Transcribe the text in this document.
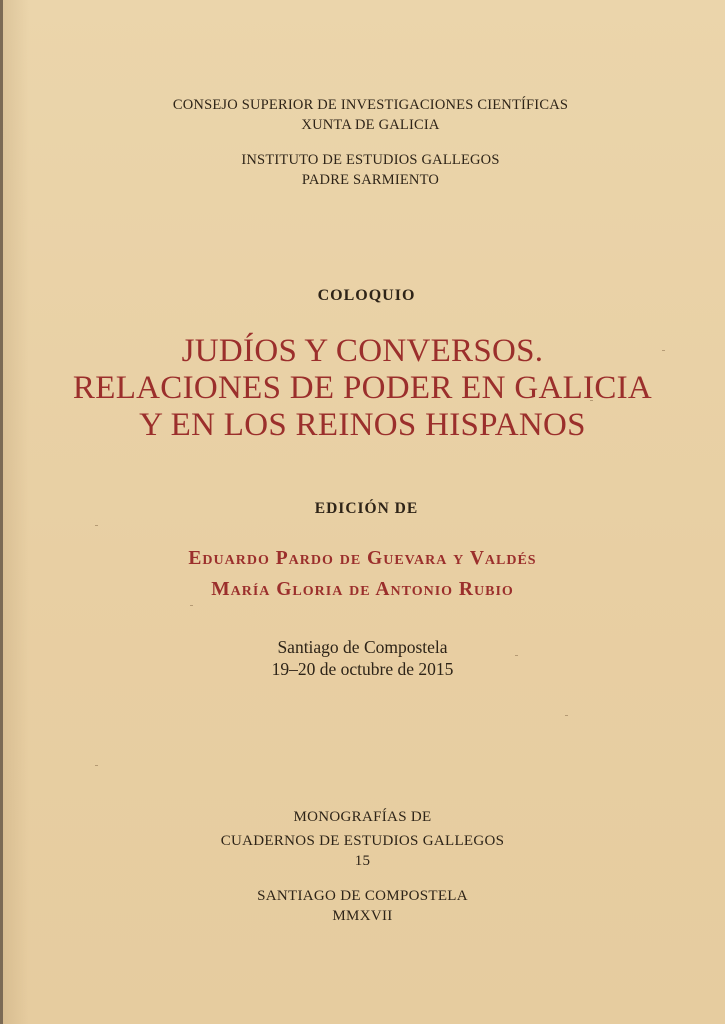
CONSEJO SUPERIOR DE INVESTIGACIONES CIENTÍFICAS
XUNTA DE GALICIA
INSTITUTO DE ESTUDIOS GALLEGOS
PADRE SARMIENTO
COLOQUIO
JUDÍOS Y CONVERSOS.
RELACIONES DE PODER EN GALICIA
Y EN LOS REINOS HISPANOS
EDICIÓN DE
Eduardo Pardo de Guevara y Valdés
María Gloria de Antonio Rubio
Santiago de Compostela
19–20 de octubre de 2015
MONOGRAFÍAS DE
CUADERNOS DE ESTUDIOS GALLEGOS
15
SANTIAGO DE COMPOSTELA
MMXVII
